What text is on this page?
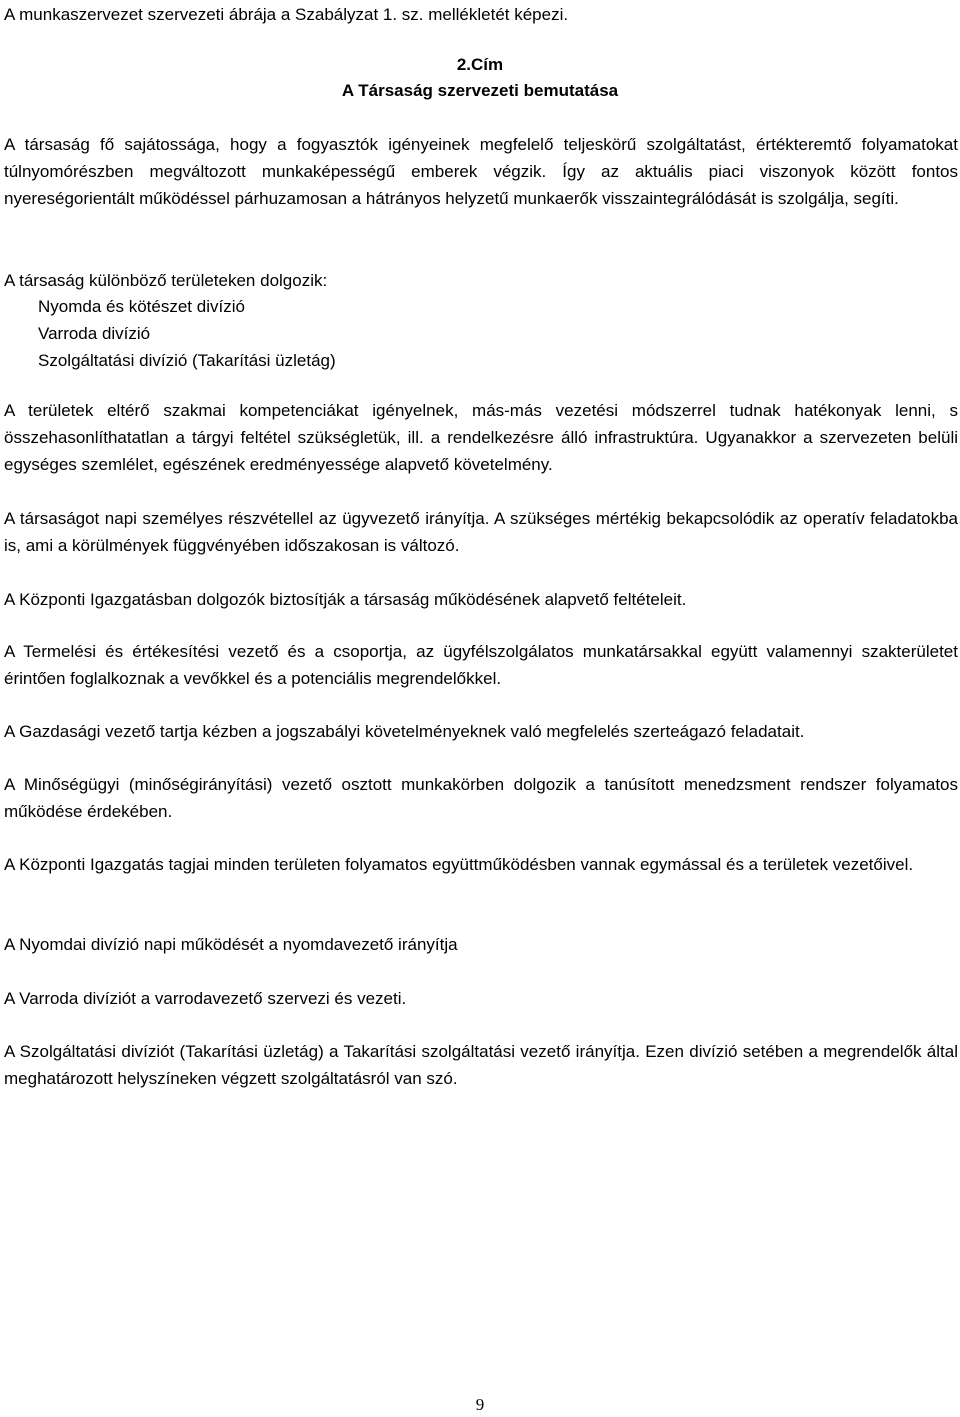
A munkaszervezet szervezeti ábrája a Szabályzat 1. sz. mellékletét képezi.
2.Cím
A Társaság szervezeti bemutatása

A társaság fő sajátossága, hogy a fogyasztók igényeinek megfelelő teljeskörű szolgáltatást, értékteremtő folyamatokat túlnyomórészben megváltozott munkaképességű emberek végzik. Így az aktuális piaci viszonyok között fontos nyereségorientált működéssel párhuzamosan a hátrányos helyzetű munkaerők visszaintegrálódását is szolgálja, segíti.

A társaság különböző területeken dolgozik:
Nyomda és kötészet divízió
Varroda divízió
Szolgáltatási divízió (Takarítási üzletág)

A területek eltérő szakmai kompetenciákat igényelnek, más-más vezetési módszerrel tudnak hatékonyak lenni, s összehasonlíthatatlan a tárgyi feltétel szükségletük, ill. a rendelkezésre álló infrastruktúra. Ugyanakkor a szervezeten belüli egységes szemlélet, egészének eredményessége alapvető követelmény.

A társaságot napi személyes részvétellel az ügyvezető irányítja. A szükséges mértékig bekapcsolódik az operatív feladatokba is, ami a körülmények függvényében időszakosan is változó.

A Központi Igazgatásban dolgozók biztosítják a társaság működésének alapvető feltételeit.

A Termelési és értékesítési vezető és a csoportja, az ügyfélszolgálatos munkatársakkal együtt valamennyi szakterületet érintően foglalkoznak a vevőkkel és a potenciális megrendelőkkel.

A Gazdasági vezető tartja kézben a jogszabályi követelményeknek való megfelelés szerteágazó feladatait.

A Minőségügyi (minőségirányítási) vezető osztott munkakörben dolgozik a tanúsított menedzsment rendszer folyamatos működése érdekében.

A Központi Igazgatás tagjai minden területen folyamatos együttműködésben vannak egymással és a területek vezetőivel.

A Nyomdai divízió napi működését a nyomdavezető irányítja

A Varroda divíziót a varrodavezető szervezi és vezeti.

A Szolgáltatási divíziót (Takarítási üzletág) a Takarítási szolgáltatási vezető irányítja. Ezen divízió setében a megrendelők által meghatározott helyszíneken végzett szolgáltatásról van szó.

9
